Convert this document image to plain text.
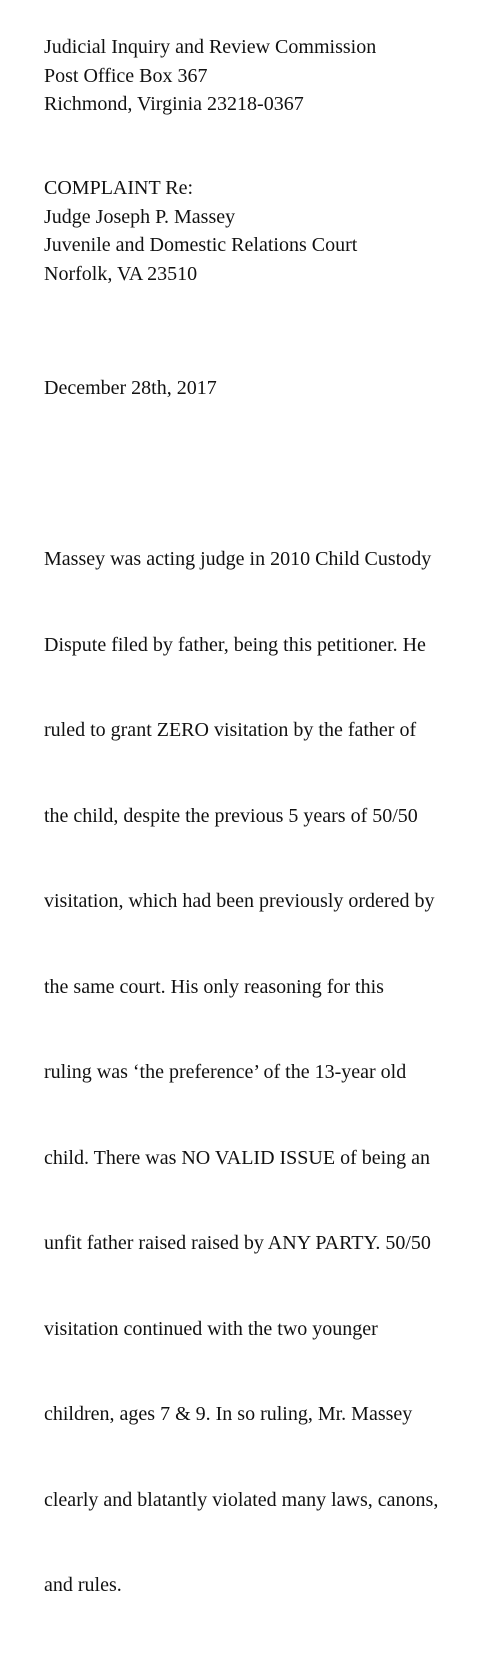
Judicial Inquiry and Review Commission
Post Office Box 367
Richmond, Virginia 23218-0367
COMPLAINT Re:
Judge Joseph P. Massey
Juvenile and Domestic Relations Court
Norfolk, VA 23510
December 28th, 2017

Massey was acting judge in 2010 Child Custody

Dispute filed by father, being this petitioner. He

ruled to grant ZERO visitation by the father of

the child, despite the previous 5 years of 50/50

visitation, which had been previously ordered by

the same court. His only reasoning for this

ruling was ‘the preference’ of the 13-year old

child. There was NO VALID ISSUE of being an

unfit father raised raised by ANY PARTY. 50/50

visitation continued with the two younger

children, ages 7 & 9. In so ruling, Mr. Massey

clearly and blatantly violated many laws, canons,

and rules.
